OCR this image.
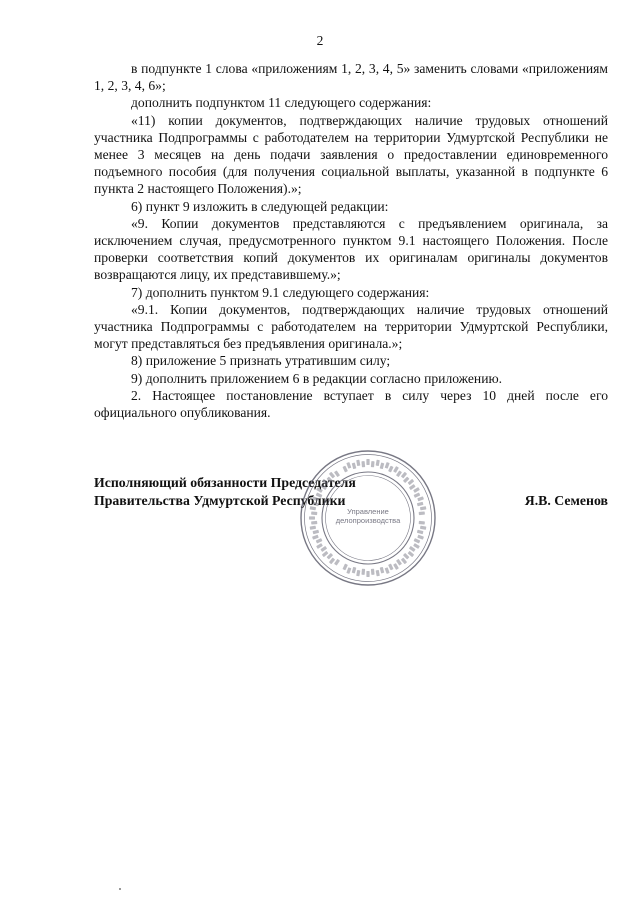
2

в подпункте 1 слова «приложениям 1, 2, 3, 4, 5» заменить словами «приложениям 1, 2, 3, 4, 6»;

дополнить подпунктом 11 следующего содержания:

«11) копии документов, подтверждающих наличие трудовых отношений участника Подпрограммы с работодателем на территории Удмуртской Республики не менее 3 месяцев на день подачи заявления о предоставлении единовременного подъемного пособия (для получения социальной выплаты, указанной в подпункте 6 пункта 2 настоящего Положения).»;

6) пункт 9 изложить в следующей редакции:

«9. Копии документов представляются с предъявлением оригинала, за исключением случая, предусмотренного пунктом 9.1 настоящего Положения. После проверки соответствия копий документов их оригиналам оригиналы документов возвращаются лицу, их представившему.»;

7) дополнить пунктом 9.1 следующего содержания:

«9.1. Копии документов, подтверждающих наличие трудовых отношений участника Подпрограммы с работодателем на территории Удмуртской Республики, могут представляться без предъявления оригинала.»;

8) приложение 5 признать утратившим силу;

9) дополнить приложением 6 в редакции согласно приложению.

2. Настоящее постановление вступает в силу через 10 дней после его официального опубликования.

Исполняющий обязанности Председателя
Правительства Удмуртской Республики	Я.В. Семенов
Управление
делопроизводства
